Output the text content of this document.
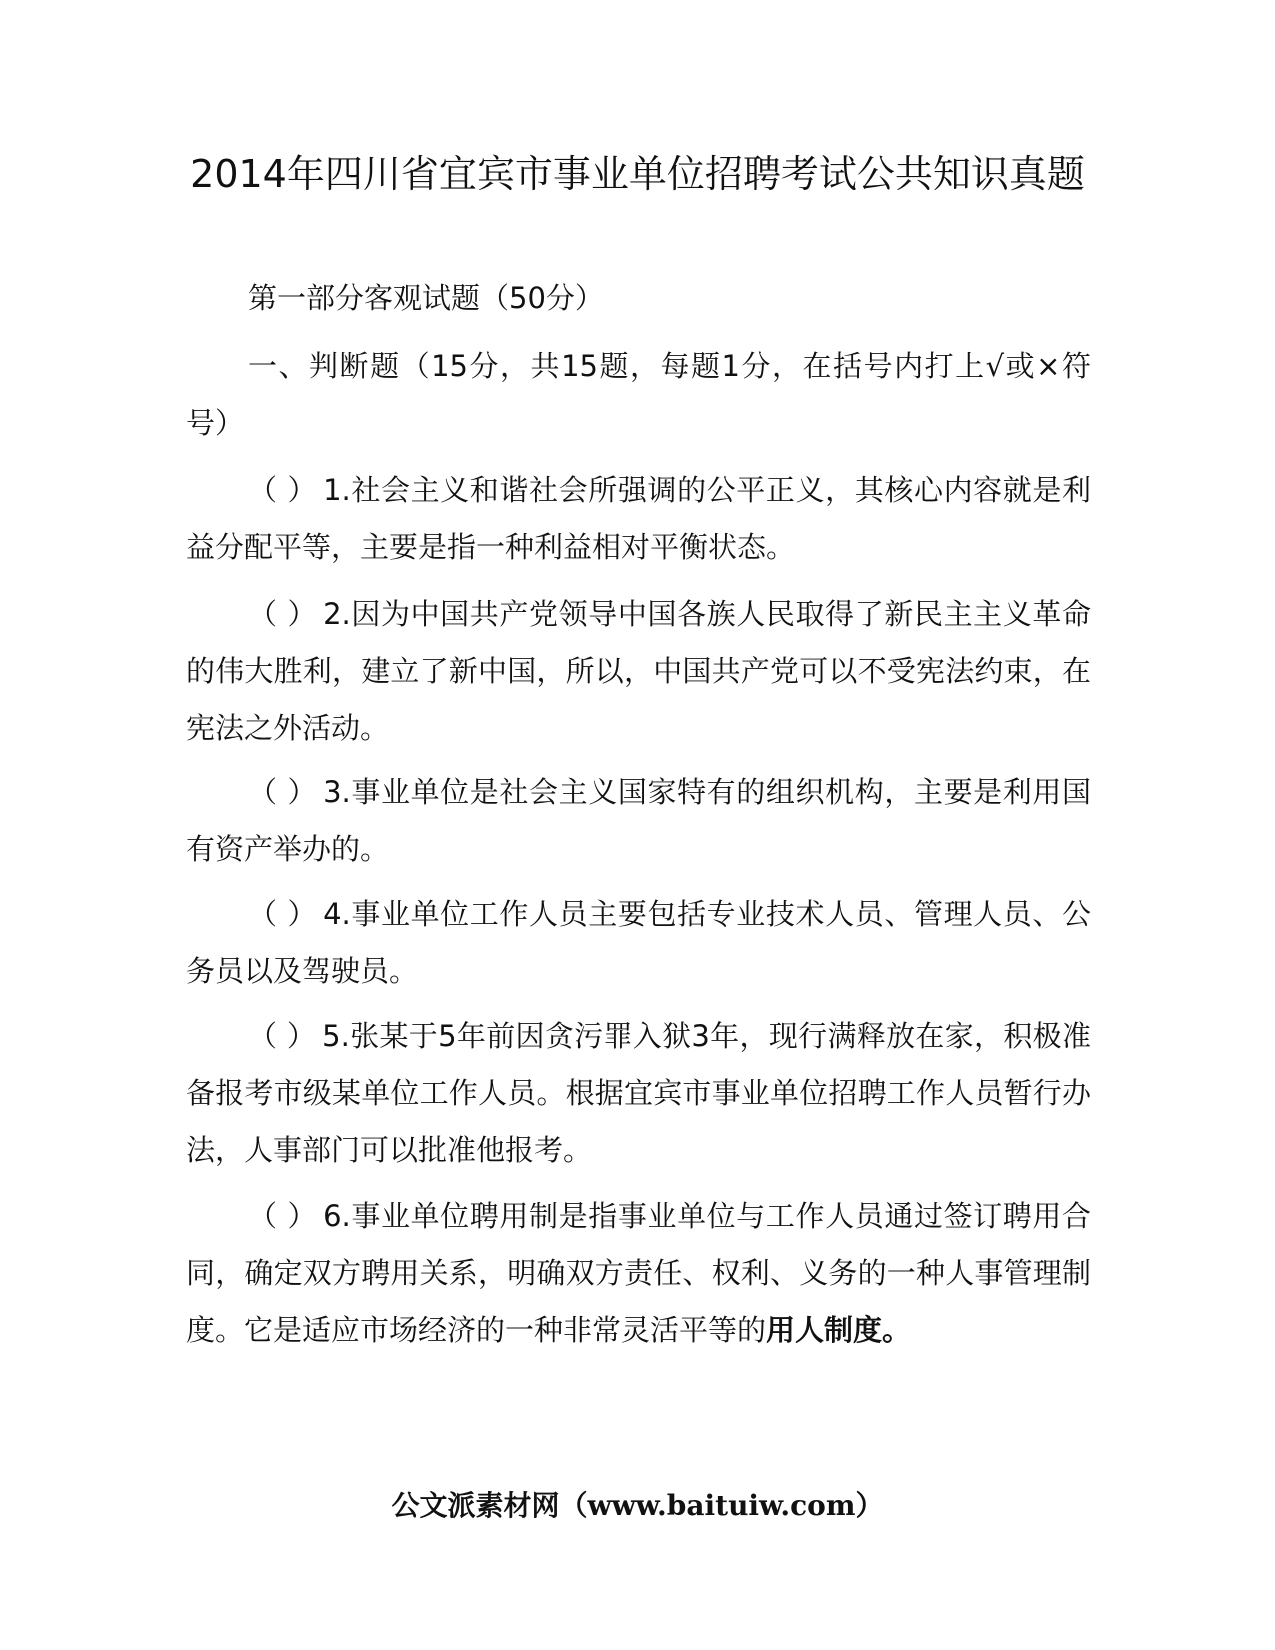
2014年四川省宜宾市事业单位招聘考试公共知识真题

第一部分客观试题（50分）

一、判断题（15分，共15题，每题1分，在括号内打上√或×符号）

（ ） 1.社会主义和谐社会所强调的公平正义，其核心内容就是利益分配平等，主要是指一种利益相对平衡状态。

（ ） 2.因为中国共产党领导中国各族人民取得了新民主主义革命的伟大胜利，建立了新中国，所以，中国共产党可以不受宪法约束，在宪法之外活动。

（ ） 3.事业单位是社会主义国家特有的组织机构，主要是利用国有资产举办的。

（ ） 4.事业单位工作人员主要包括专业技术人员、管理人员、公务员以及驾驶员。

（ ） 5.张某于5年前因贪污罪入狱3年，现行满释放在家，积极准备报考市级某单位工作人员。根据宜宾市事业单位招聘工作人员暂行办法，人事部门可以批准他报考。

（ ） 6.事业单位聘用制是指事业单位与工作人员通过签订聘用合同，确定双方聘用关系，明确双方责任、权利、义务的一种人事管理制度。它是适应市场经济的一种非常灵活平等的用人制度。

公文派素材网（www.baituiw.com）
